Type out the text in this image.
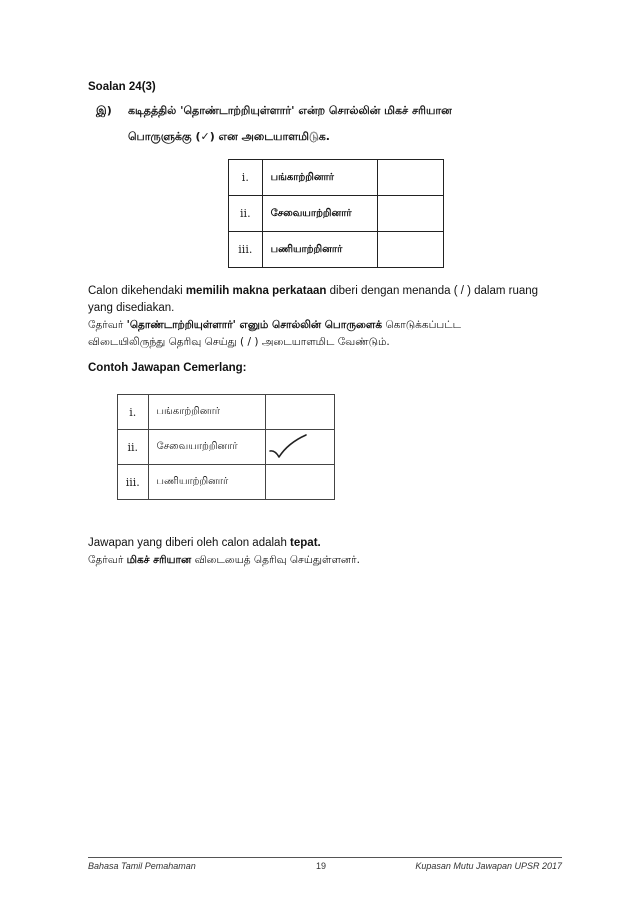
Soalan 24(3)
இ) கடிதத்தில் 'தொண்டாற்றியுள்ளார்' என்ற சொல்லின் மிகச் சரியான
பொருளுக்கு (✓) என அடையாளமிடுக.
i.	பங்காற்றினார்	
ii.	சேவையாற்றினார்	
iii.	பணியாற்றினார்	
Calon dikehendaki memilih makna perkataan diberi dengan menanda ( / ) dalam ruang
yang disediakan.
தேர்வர் 'தொண்டாற்றியுள்ளார்' எனும் சொல்லின் பொருளைக் கொடுக்கப்பட்ட
விடையிலிருந்து தெரிவு செய்து ( / ) அடையாளமிட வேண்டும்.
Contoh Jawapan Cemerlang:
i.	பங்காற்றினார்	
ii.	சேவையாற்றினார்	

iii.	பணியாற்றினார்	
Jawapan yang diberi oleh calon adalah tepat.
தேர்வர் மிகச் சரியான விடையைத் தெரிவு செய்துள்ளனர்.
Bahasa Tamil Pemahaman	19	Kupasan Mutu Jawapan UPSR 2017
